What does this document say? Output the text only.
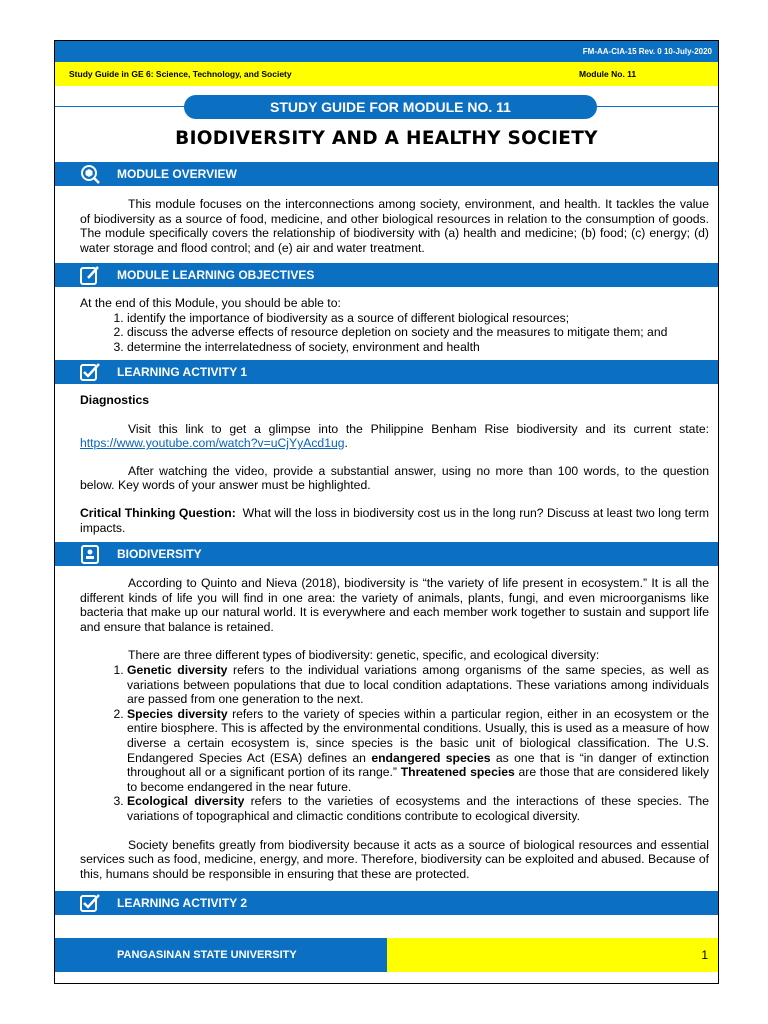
FM-AA-CIA-15 Rev. 0 10-July-2020
Study Guide in GE 6: Science, Technology, and Society	Module No. 11
STUDY GUIDE FOR MODULE NO. 11
BIODIVERSITY AND A HEALTHY SOCIETY
MODULE OVERVIEW
This module focuses on the interconnections among society, environment, and health. It tackles the value of biodiversity as a source of food, medicine, and other biological resources in relation to the consumption of goods. The module specifically covers the relationship of biodiversity with (a) health and medicine; (b) food; (c) energy; (d) water storage and flood control; and (e) air and water treatment.
MODULE LEARNING OBJECTIVES
At the end of this Module, you should be able to:
1. identify the importance of biodiversity as a source of different biological resources;
2. discuss the adverse effects of resource depletion on society and the measures to mitigate them; and
3. determine the interrelatedness of society, environment and health
LEARNING ACTIVITY 1
Diagnostics
Visit this link to get a glimpse into the Philippine Benham Rise biodiversity and its current state: https://www.youtube.com/watch?v=uCjYyAcd1ug.
After watching the video, provide a substantial answer, using no more than 100 words, to the question below. Key words of your answer must be highlighted.
Critical Thinking Question: What will the loss in biodiversity cost us in the long run? Discuss at least two long term impacts.
BIODIVERSITY
According to Quinto and Nieva (2018), biodiversity is “the variety of life present in ecosystem.” It is all the different kinds of life you will find in one area: the variety of animals, plants, fungi, and even microorganisms like bacteria that make up our natural world. It is everywhere and each member work together to sustain and support life and ensure that balance is retained.
There are three different types of biodiversity: genetic, specific, and ecological diversity:
1. Genetic diversity refers to the individual variations among organisms of the same species, as well as variations between populations that due to local condition adaptations. These variations among individuals are passed from one generation to the next.
2. Species diversity refers to the variety of species within a particular region, either in an ecosystem or the entire biosphere. This is affected by the environmental conditions. Usually, this is used as a measure of how diverse a certain ecosystem is, since species is the basic unit of biological classification. The U.S. Endangered Species Act (ESA) defines an endangered species as one that is “in danger of extinction throughout all or a significant portion of its range.” Threatened species are those that are considered likely to become endangered in the near future.
3. Ecological diversity refers to the varieties of ecosystems and the interactions of these species. The variations of topographical and climactic conditions contribute to ecological diversity.
Society benefits greatly from biodiversity because it acts as a source of biological resources and essential services such as food, medicine, energy, and more. Therefore, biodiversity can be exploited and abused. Because of this, humans should be responsible in ensuring that these are protected.
LEARNING ACTIVITY 2
PANGASINAN STATE UNIVERSITY	1
